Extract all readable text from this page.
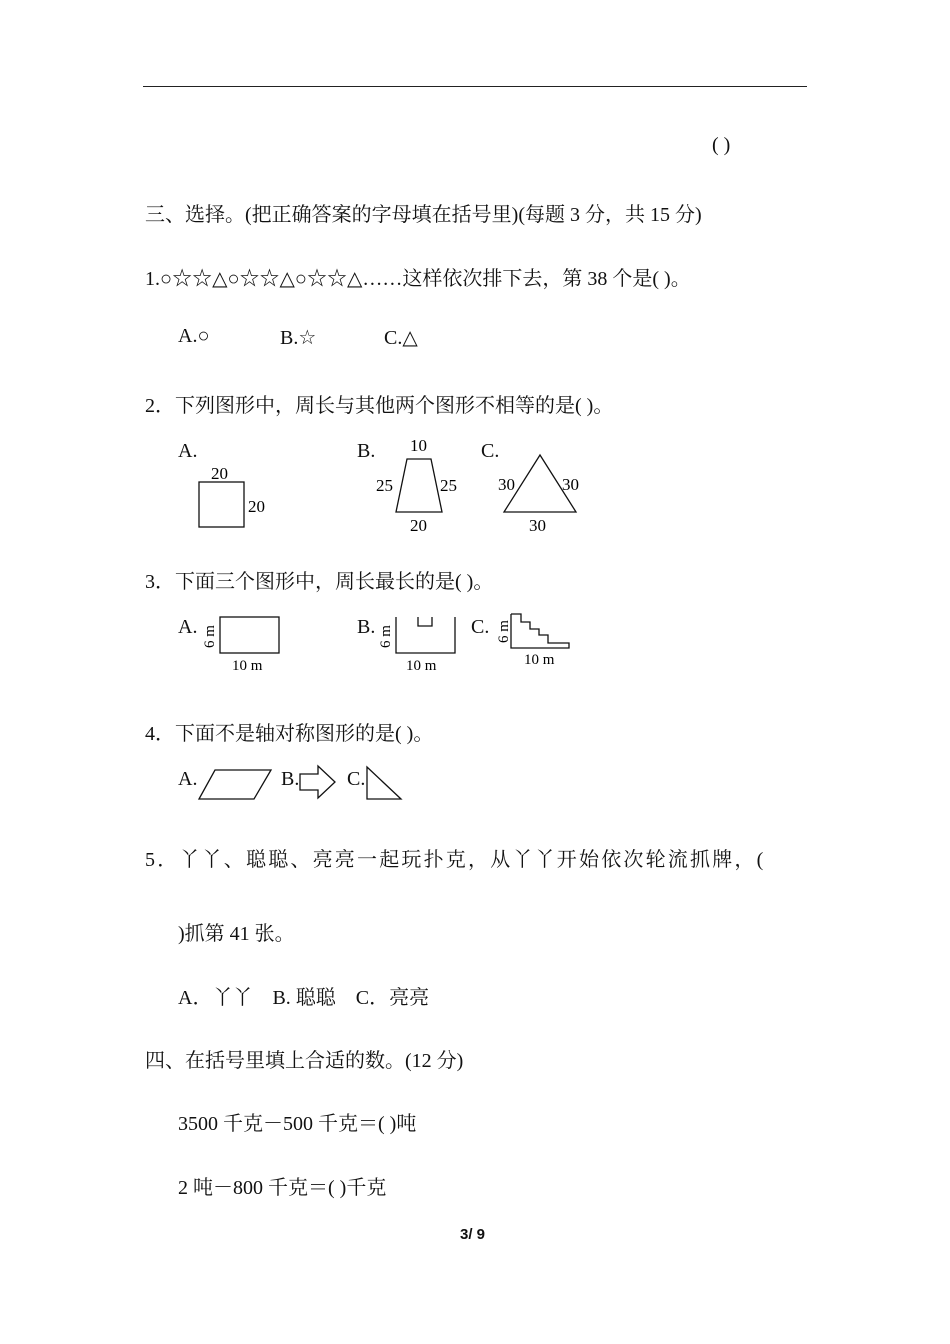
( )
三、选择。(把正确答案的字母填在括号里)(每题 3 分，共 15 分)
1.○☆☆△○☆☆△○☆☆△……这样依次排下去，第 38 个是( )。
A.○	B.☆	C.△
2．下列图形中，周长与其他两个图形不相等的是( )。
A.	B.	C.
20
20
10
25	25
20
30	30
30
3．下面三个图形中，周长最长的是( )。
A.	B.	C.
6 m
10 m
6 m
10 m
6 m
10 m
4．下面不是轴对称图形的是( )。
A.	B. C.
5．丫丫、聪聪、亮亮一起玩扑克，从丫丫开始依次轮流抓牌，(
)抓第 41 张。
A．丫丫    B. 聪聪    C．亮亮
四、在括号里填上合适的数。(12 分)
3500 千克－500 千克＝( )吨
2 吨－800 千克＝( )千克
3/ 9
